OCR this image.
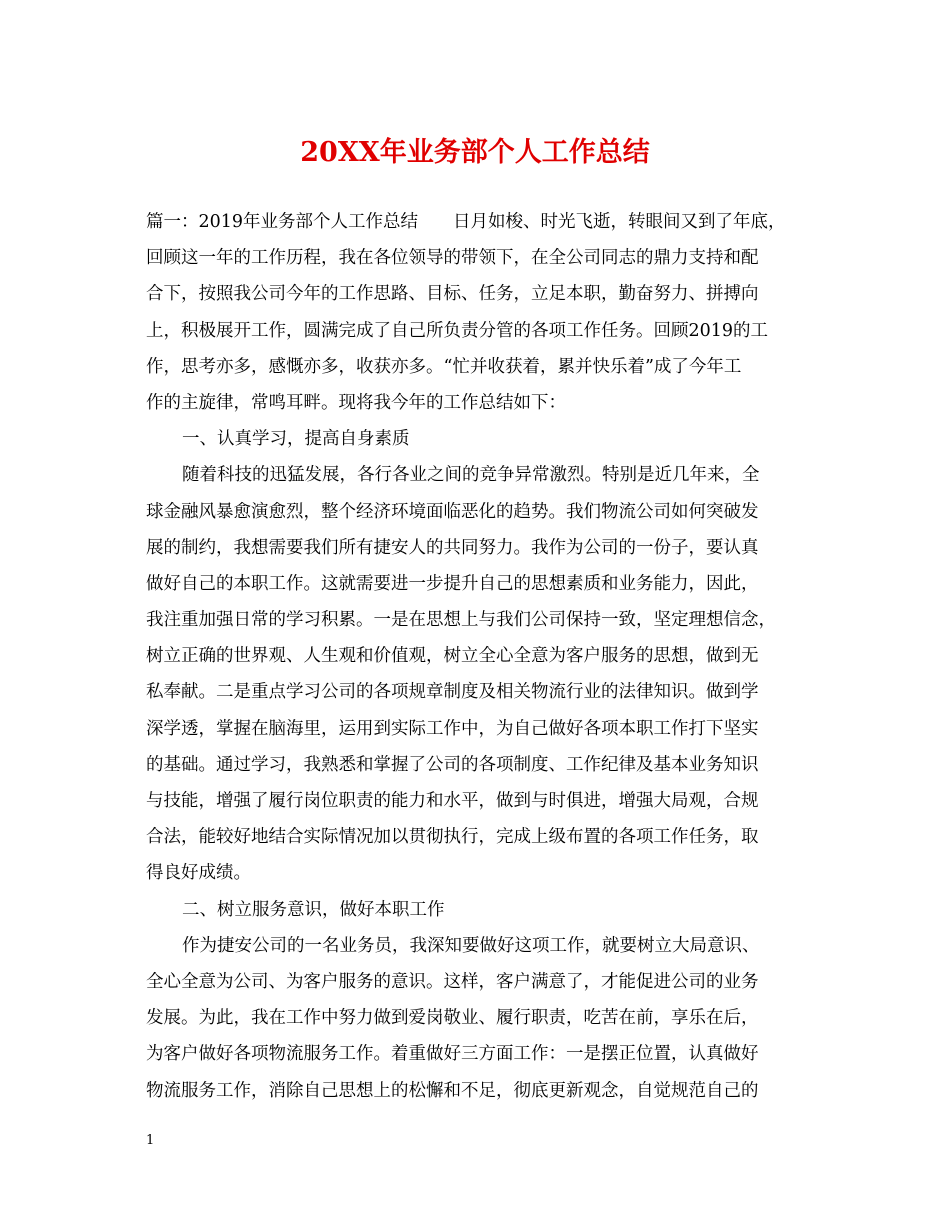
20XX年业务部个人工作总结
篇一：2019年业务部个人工作总结　　日月如梭、时光飞逝，转眼间又到了年底，
回顾这一年的工作历程，我在各位领导的带领下，在全公司同志的鼎力支持和配
合下，按照我公司今年的工作思路、目标、任务，立足本职，勤奋努力、拼搏向
上，积极展开工作，圆满完成了自己所负责分管的各项工作任务。回顾2019的工
作，思考亦多，感慨亦多，收获亦多。“忙并收获着，累并快乐着”成了今年工
作的主旋律，常鸣耳畔。现将我今年的工作总结如下：
一、认真学习，提高自身素质
随着科技的迅猛发展，各行各业之间的竞争异常激烈。特别是近几年来，全
球金融风暴愈演愈烈，整个经济环境面临恶化的趋势。我们物流公司如何突破发
展的制约，我想需要我们所有捷安人的共同努力。我作为公司的一份子，要认真
做好自己的本职工作。这就需要进一步提升自己的思想素质和业务能力，因此，
我注重加强日常的学习积累。一是在思想上与我们公司保持一致，坚定理想信念，
树立正确的世界观、人生观和价值观，树立全心全意为客户服务的思想，做到无
私奉献。二是重点学习公司的各项规章制度及相关物流行业的法律知识。做到学
深学透，掌握在脑海里，运用到实际工作中，为自己做好各项本职工作打下坚实
的基础。通过学习，我熟悉和掌握了公司的各项制度、工作纪律及基本业务知识
与技能，增强了履行岗位职责的能力和水平，做到与时俱进，增强大局观，合规
合法，能较好地结合实际情况加以贯彻执行，完成上级布置的各项工作任务，取
得良好成绩。
二、树立服务意识，做好本职工作
作为捷安公司的一名业务员，我深知要做好这项工作，就要树立大局意识、
全心全意为公司、为客户服务的意识。这样，客户满意了，才能促进公司的业务
发展。为此，我在工作中努力做到爱岗敬业、履行职责，吃苦在前，享乐在后，
为客户做好各项物流服务工作。着重做好三方面工作：一是摆正位置，认真做好
物流服务工作，消除自己思想上的松懈和不足，彻底更新观念，自觉规范自己的
1
